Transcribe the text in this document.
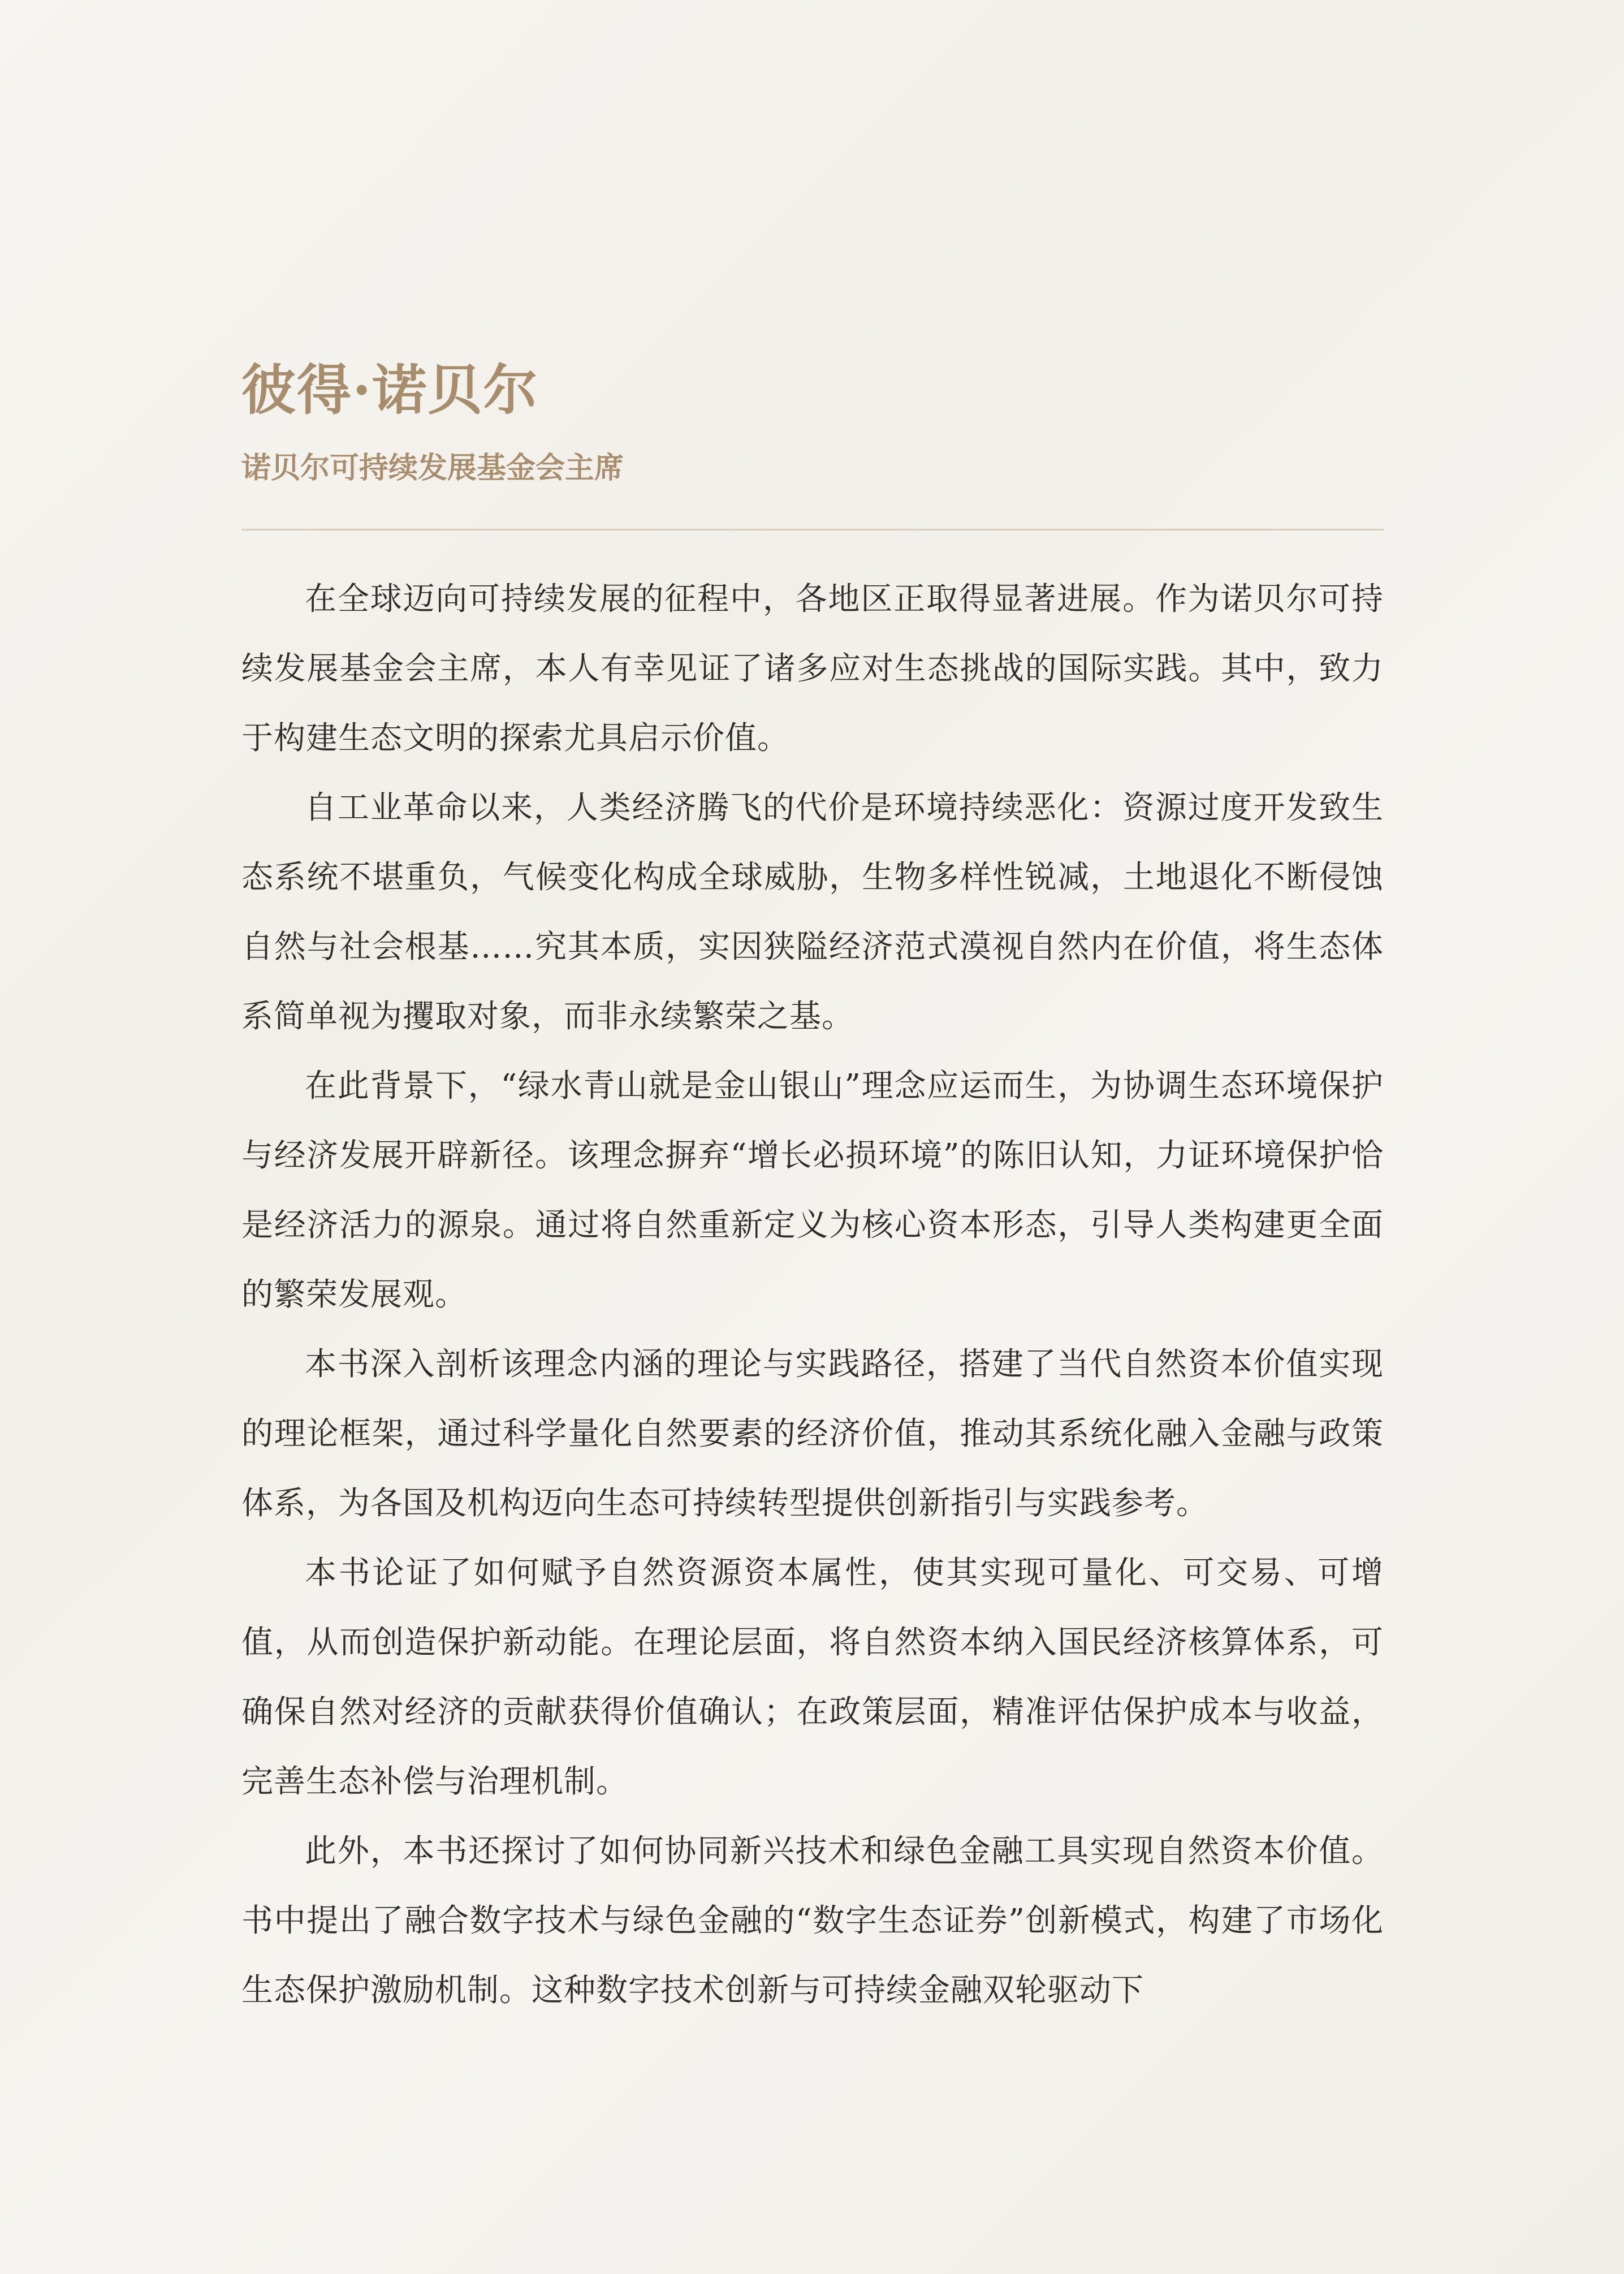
彼得·诺贝尔
诺贝尔可持续发展基金会主席

在全球迈向可持续发展的征程中，各地区正取得显著进展。作为诺贝尔可持续发展基金会主席，本人有幸见证了诸多应对生态挑战的国际实践。其中，致力于构建生态文明的探索尤具启示价值。

自工业革命以来，人类经济腾飞的代价是环境持续恶化：资源过度开发致生态系统不堪重负，气候变化构成全球威胁，生物多样性锐减，土地退化不断侵蚀自然与社会根基……究其本质，实因狭隘经济范式漠视自然内在价值，将生态体系简单视为攫取对象，而非永续繁荣之基。

在此背景下，“绿水青山就是金山银山”理念应运而生，为协调生态环境保护与经济发展开辟新径。该理念摒弃“增长必损环境”的陈旧认知，力证环境保护恰是经济活力的源泉。通过将自然重新定义为核心资本形态，引导人类构建更全面的繁荣发展观。

本书深入剖析该理念内涵的理论与实践路径，搭建了当代自然资本价值实现的理论框架，通过科学量化自然要素的经济价值，推动其系统化融入金融与政策体系，为各国及机构迈向生态可持续转型提供创新指引与实践参考。

本书论证了如何赋予自然资源资本属性，使其实现可量化、可交易、可增值，从而创造保护新动能。在理论层面，将自然资本纳入国民经济核算体系，可确保自然对经济的贡献获得价值确认；在政策层面，精准评估保护成本与收益，完善生态补偿与治理机制。

此外，本书还探讨了如何协同新兴技术和绿色金融工具实现自然资本价值。书中提出了融合数字技术与绿色金融的“数字生态证券”创新模式，构建了市场化生态保护激励机制。这种数字技术创新与可持续金融双轮驱动下
